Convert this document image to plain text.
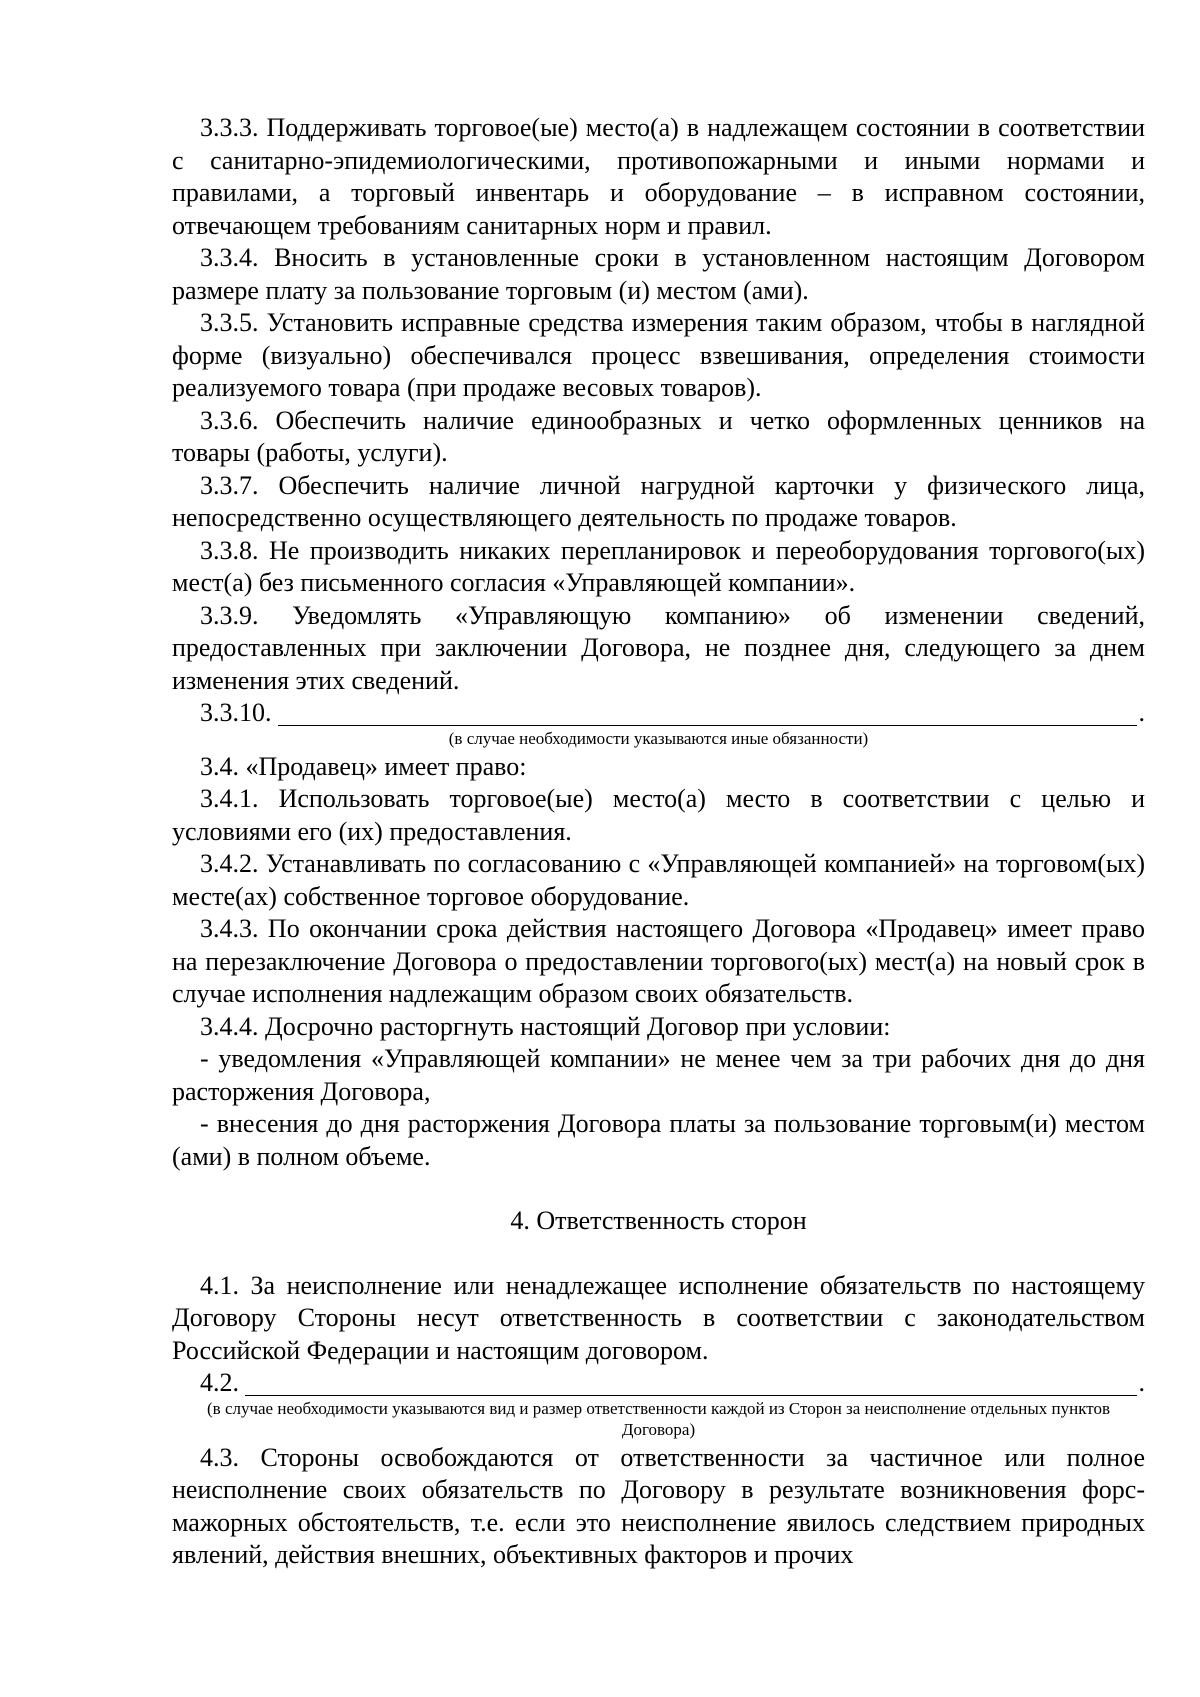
3.3.3. Поддерживать торговое(ые) место(а) в надлежащем состоянии в соответствии с санитарно-эпидемиологическими, противопожарными и иными нормами и правилами, а торговый инвентарь и оборудование – в исправном состоянии, отвечающем требованиям санитарных норм и правил.

3.3.4. Вносить в установленные сроки в установленном настоящим Договором размере плату за пользование торговым (и) местом (ами).

3.3.5. Установить исправные средства измерения таким образом, чтобы в наглядной форме (визуально) обеспечивался процесс взвешивания, определения стоимости реализуемого товара (при продаже весовых товаров).

3.3.6. Обеспечить наличие единообразных и четко оформленных ценников на товары (работы, услуги).

3.3.7. Обеспечить наличие личной нагрудной карточки у физического лица, непосредственно осуществляющего деятельность по продаже товаров.

3.3.8. Не производить никаких перепланировок и переоборудования торгового(ых) мест(а) без письменного согласия «Управляющей компании».

3.3.9. Уведомлять «Управляющую компанию» об изменении сведений, предоставленных при заключении Договора, не позднее дня, следующего за днем изменения этих сведений.

3.3.10.	.
(в случае необходимости указываются иные обязанности)

3.4. «Продавец» имеет право:

3.4.1. Использовать торговое(ые) место(а) место в соответствии с целью и условиями его (их) предоставления.

3.4.2. Устанавливать по согласованию с «Управляющей компанией» на торговом(ых) месте(ах) собственное торговое оборудование.

3.4.3. По окончании срока действия настоящего Договора «Продавец» имеет право на перезаключение Договора о предоставлении торгового(ых) мест(а) на новый срок в случае исполнения надлежащим образом своих обязательств.

3.4.4. Досрочно расторгнуть настоящий Договор при условии:

- уведомления «Управляющей компании» не менее чем за три рабочих дня до дня расторжения Договора,

- внесения до дня расторжения Договора платы за пользование торговым(и) местом (ами) в полном объеме.

4. Ответственность сторон

4.1. За неисполнение или ненадлежащее исполнение обязательств по настоящему Договору Стороны несут ответственность в соответствии с законодательством Российской Федерации и настоящим договором.

4.2.	.
(в случае необходимости указываются вид и размер ответственности каждой из Сторон за неисполнение отдельных пунктов Договора)

4.3. Стороны освобождаются от ответственности за частичное или полное неисполнение своих обязательств по Договору в результате возникновения форс-мажорных обстоятельств, т.е. если это неисполнение явилось следствием природных явлений, действия внешних, объективных факторов и прочих
